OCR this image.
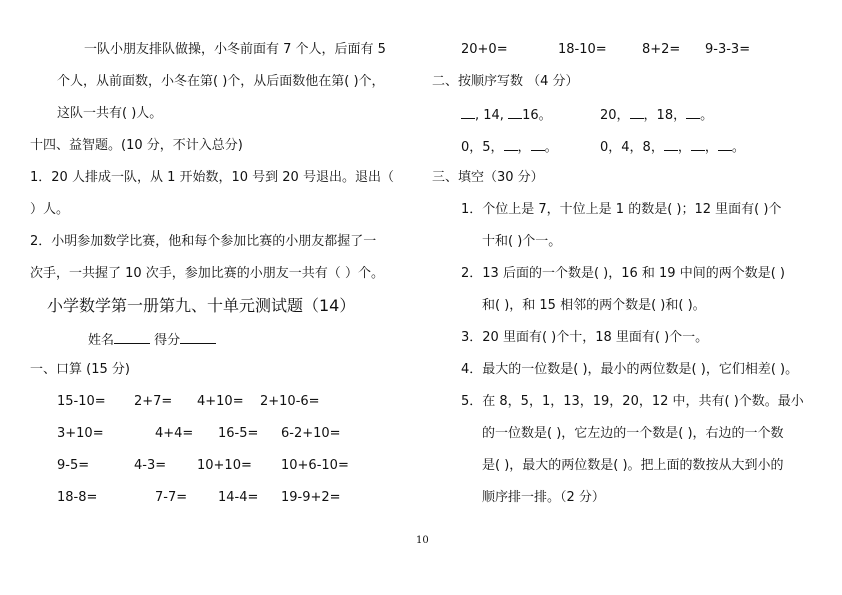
一队小朋友排队做操，小冬前面有 7 个人，后面有 5
个人，从前面数，小冬在第( )个，从后面数他在第( )个，
这队一共有( )人。
十四、益智题。(10 分，不计入总分)
1．20 人排成一队，从 1 开始数，10 号到 20 号退出。退出（
）人。
2．小明参加数学比赛，他和每个参加比赛的小朋友都握了一
次手，一共握了 10 次手，参加比赛的小朋友一共有（ ）个。
小学数学第一册第九、十单元测试题（14）
姓名	得分
一、口算 (15 分)
15-10= 2+7= 4+10= 2+10-6=
3+10=	4+4= 16-5= 6-2+10=
9-5=	4-3= 10+10= 10+6-10=
18-8=	7-7= 14-4= 19-9+2=
20+0=	18-10=	8+2= 9-3-3=
二、按顺序写数 （4 分）
, 14, 16。	20， ，18， 。
0，5， ， 。	0，4，8， ， ， 。
三、填空（30 分）
1．个位上是 7，十位上是 1 的数是( )；12 里面有( )个
十和( )个一。
2．13 后面的一个数是( )，16 和 19 中间的两个数是( )
和( )，和 15 相邻的两个数是( )和( )。
3．20 里面有( )个十，18 里面有( )个一。
4．最大的一位数是( )，最小的两位数是( )，它们相差( )。
5．在 8，5，1，13，19，20，12 中，共有( )个数。最小
的一位数是( )，它左边的一个数是( )，右边的一个数
是( )，最大的两位数是( )。把上面的数按从大到小的
顺序排一排。（2 分）
10
